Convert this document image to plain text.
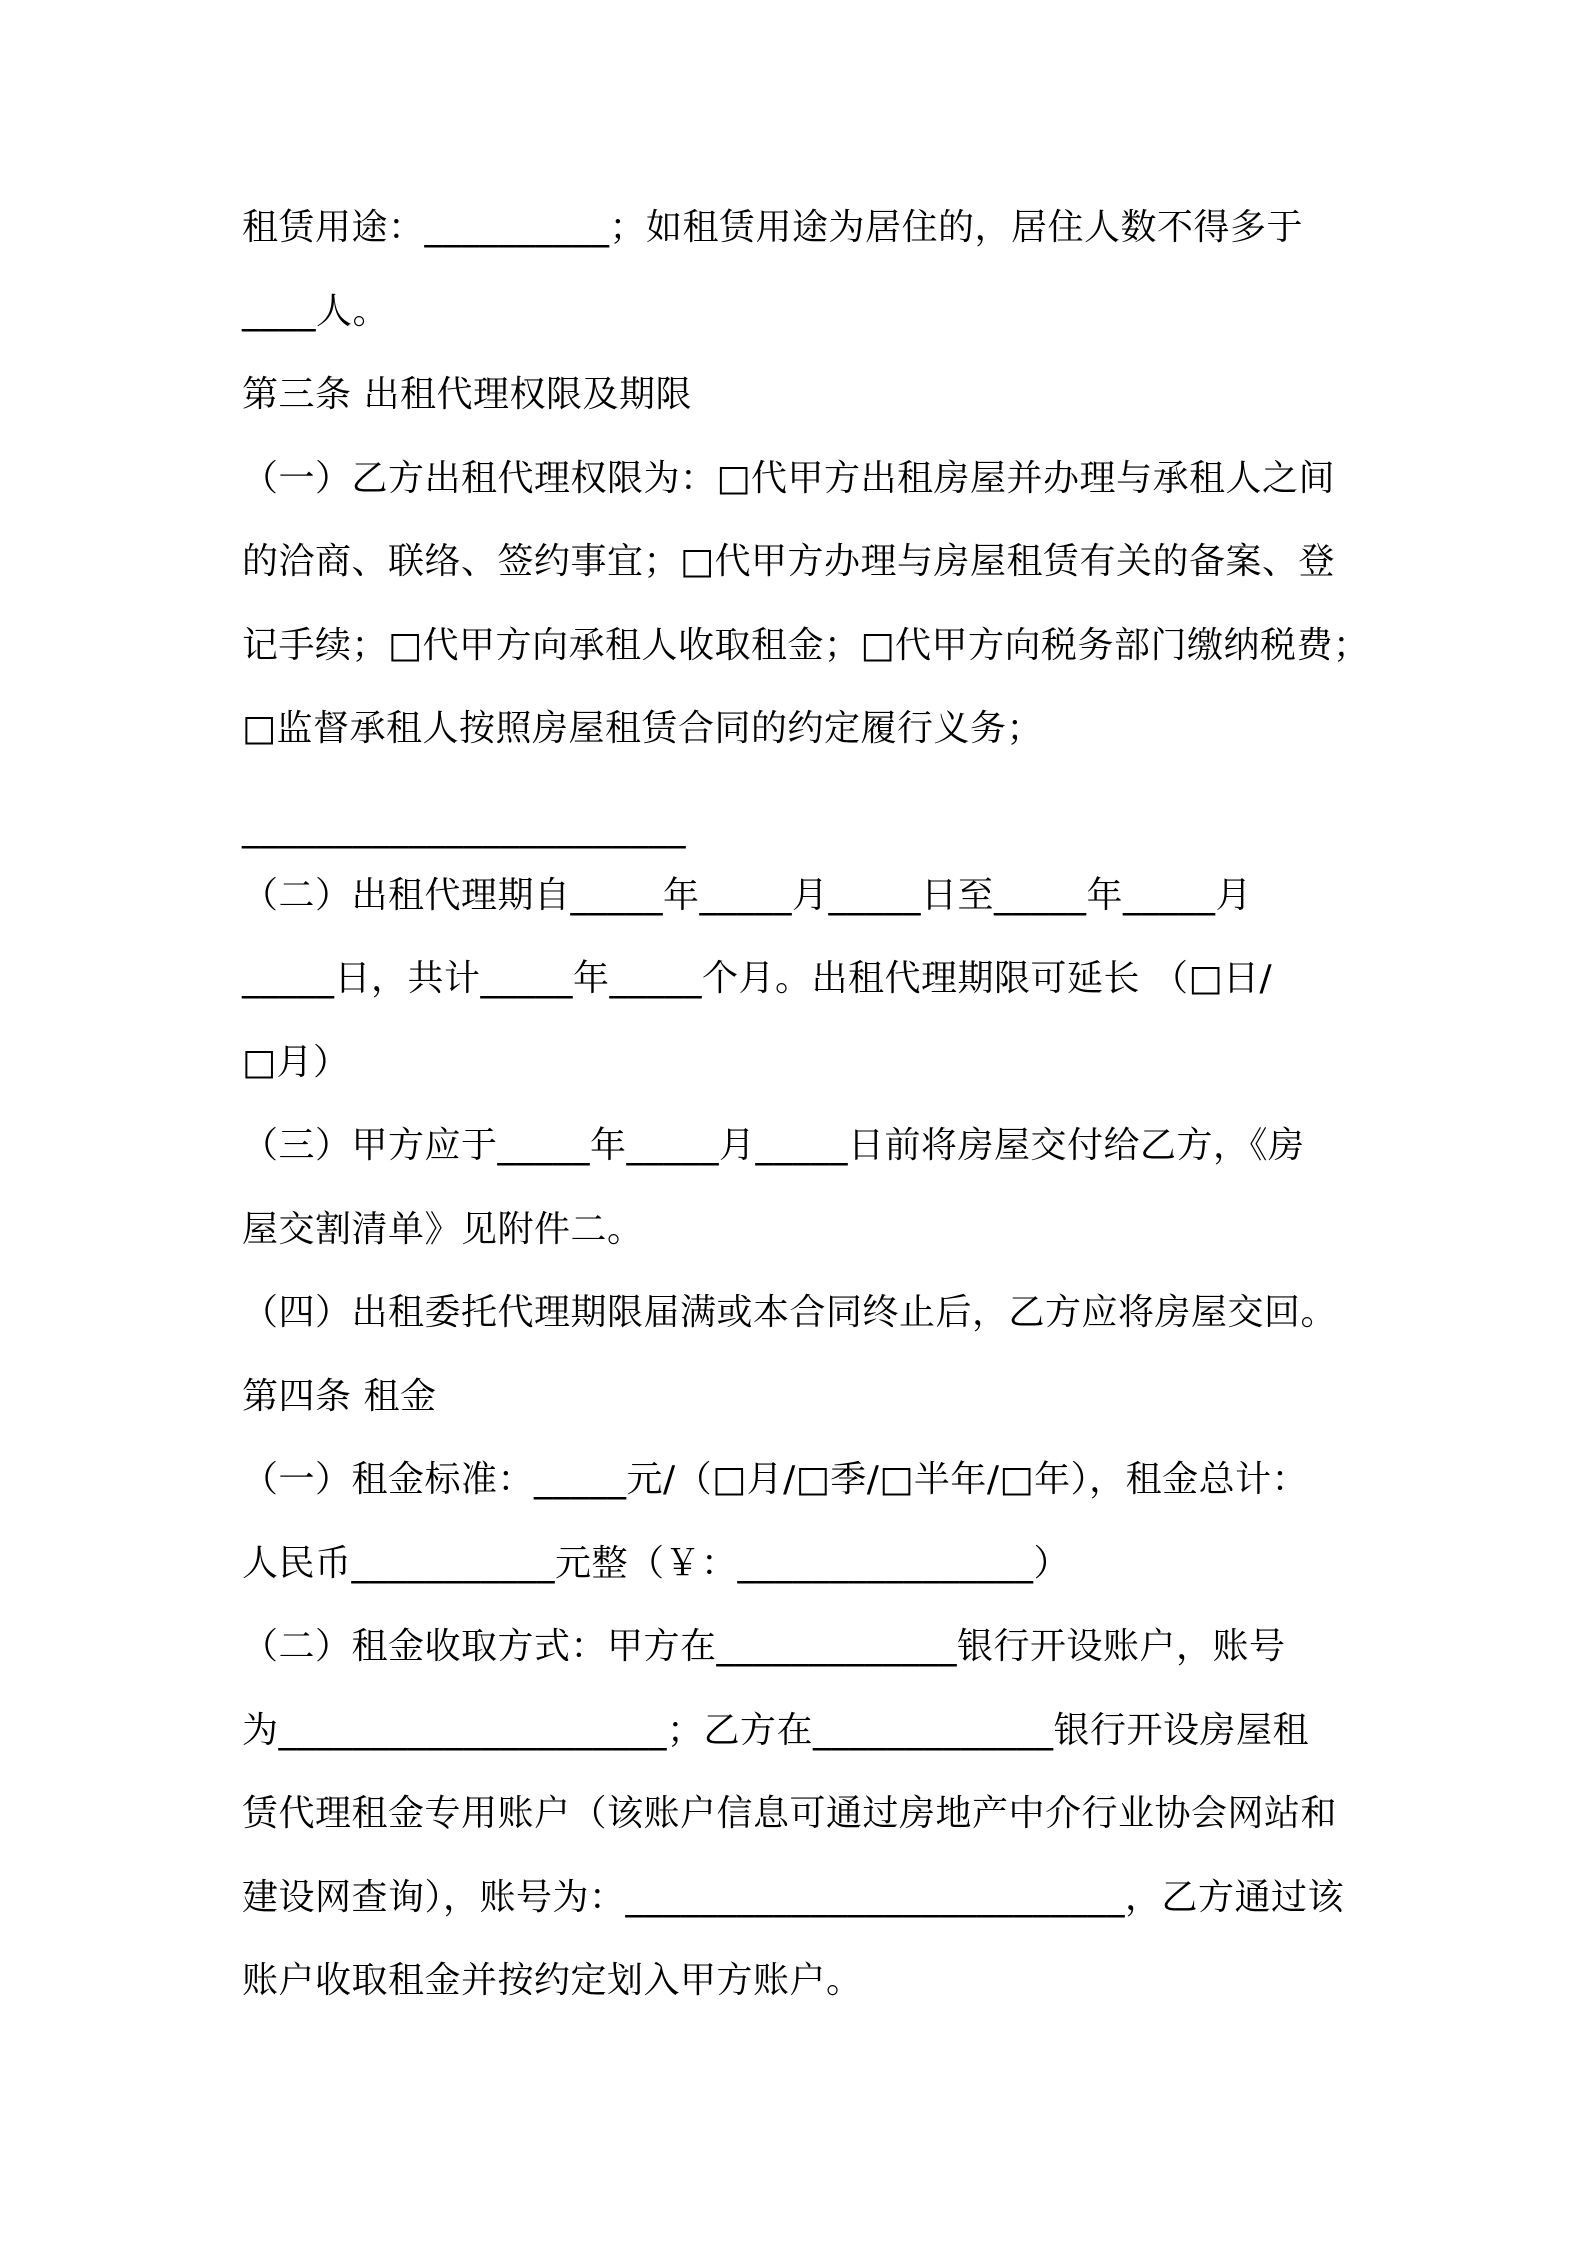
租赁用途：__________；如租赁用途为居住的，居住人数不得多于
____人。
第三条 出租代理权限及期限
（一）乙方出租代理权限为：□代甲方出租房屋并办理与承租人之间
的洽商、联络、签约事宜；□代甲方办理与房屋租赁有关的备案、登
记手续；□代甲方向承租人收取租金；□代甲方向税务部门缴纳税费；
□监督承租人按照房屋租赁合同的约定履行义务；
________________________
（二）出租代理期自_____年_____月_____日至_____年_____月
_____日，共计_____年_____个月。出租代理期限可延长 （□日/
□月）
（三）甲方应于_____年_____月_____日前将房屋交付给乙方，《房
屋交割清单》见附件二。
（四）出租委托代理期限届满或本合同终止后，乙方应将房屋交回。
第四条 租金
（一）租金标准：_____元/（□月/□季/□半年/□年），租金总计：
人民币___________元整（￥：________________）
（二）租金收取方式：甲方在_____________银行开设账户，账号
为_____________________；乙方在_____________银行开设房屋租
赁代理租金专用账户（该账户信息可通过房地产中介行业协会网站和
建设网查询），账号为：___________________________，乙方通过该
账户收取租金并按约定划入甲方账户。
